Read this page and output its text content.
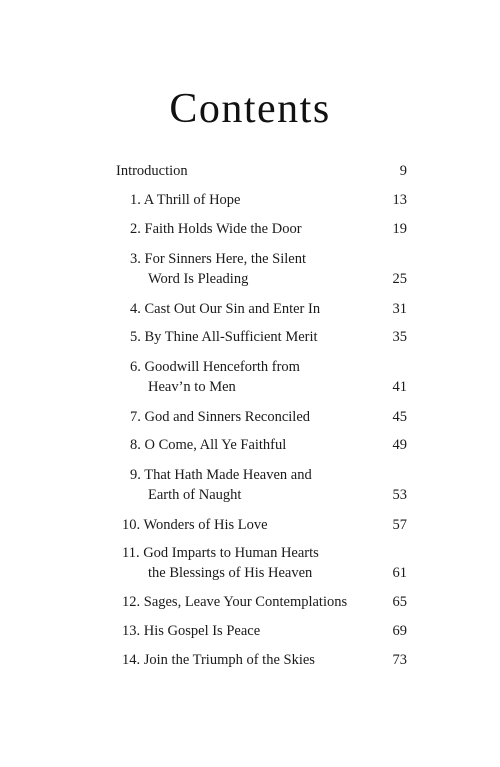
Contents
Introduction	9
1. A Thrill of Hope	13
2. Faith Holds Wide the Door	19
3. For Sinners Here, the Silent
Word Is Pleading	25
4. Cast Out Our Sin and Enter In	31
5. By Thine All-Sufficient Merit	35
6. Goodwill Henceforth from
Heav’n to Men	41
7. God and Sinners Reconciled	45
8. O Come, All Ye Faithful	49
9. That Hath Made Heaven and
Earth of Naught	53
10. Wonders of His Love	57
11. God Imparts to Human Hearts
the Blessings of His Heaven	61
12. Sages, Leave Your Contemplations	65
13. His Gospel Is Peace	69
14. Join the Triumph of the Skies	73
